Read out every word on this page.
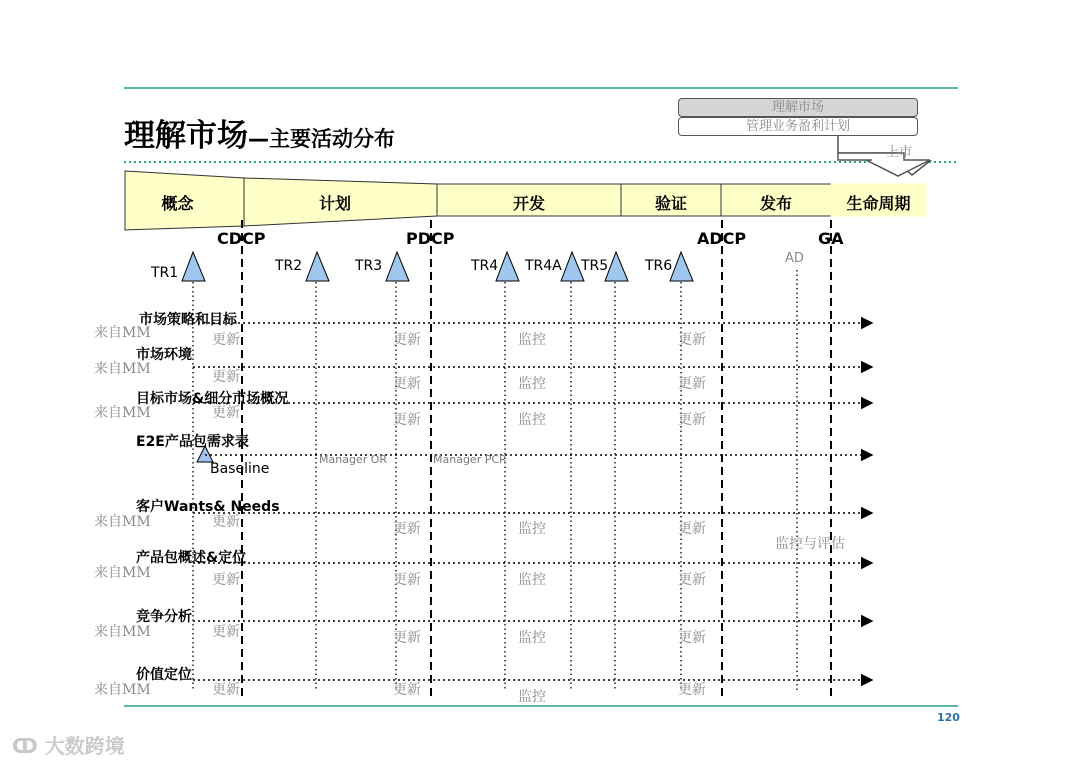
理解市场—主要活动分布
理解市场
管理业务盈利计划
上市
概念	计划	开发	验证	发布	生命周期
CDCP	PDCP	ADCP	GA
AD
TR1	TR2	TR3	TR4 TR4A TR5	TR6
市场策略和目标
来自MM	更新	更新	监控	更新
市场环境
来自MM	更新	更新	监控	更新
目标市场&细分市场概况
来自MM	更新	更新	监控	更新
E2E产品包需求表
Baseline
Manager OR	Manager PCR
客户Wants& Needs
来自MM	更新	更新	监控	更新
监控与评估
产品包概述&定位
来自MM	更新	更新	监控	更新
竞争分析
来自MM	更新	更新	监控	更新
价值定位
来自MM	更新	更新	监控	更新
120
ↀ 大数跨境
